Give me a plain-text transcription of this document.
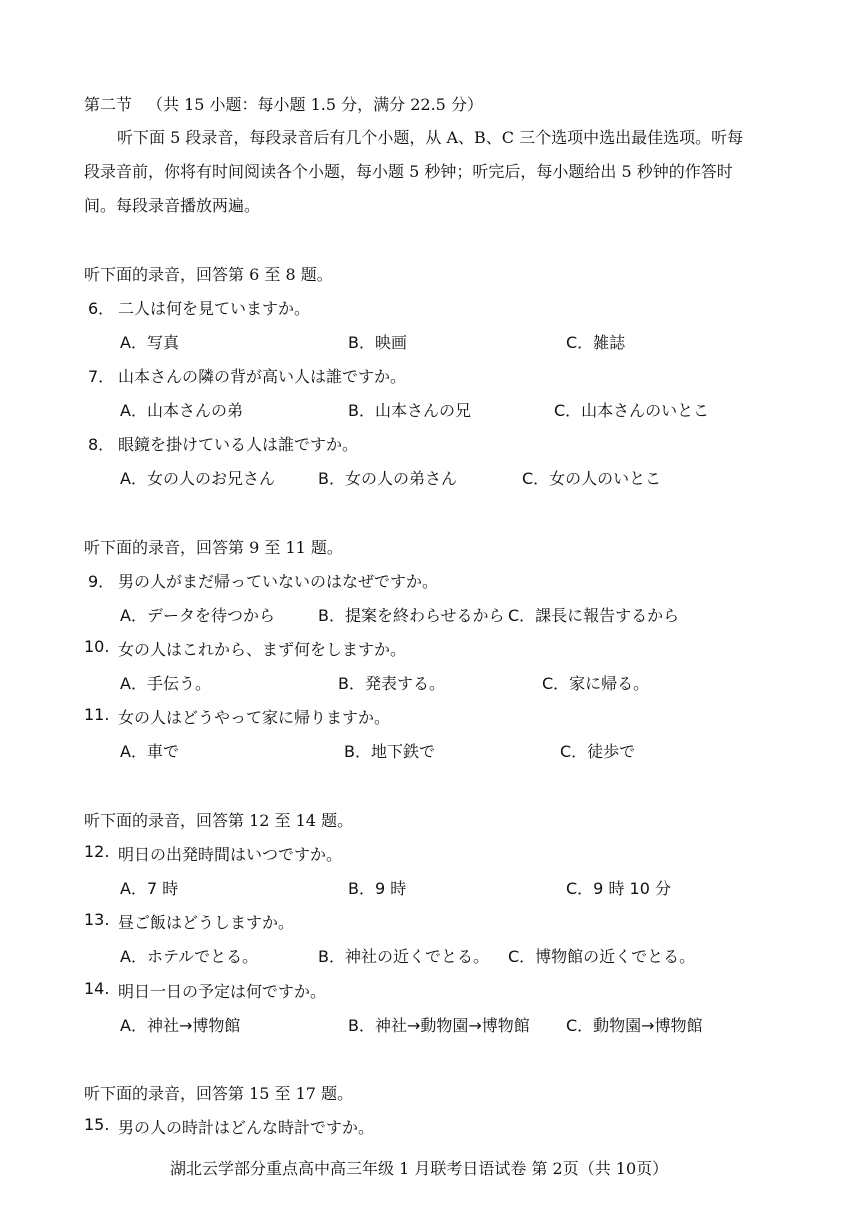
第二节 （共 15 小题：每小题 1.5 分，满分 22.5 分）
听下面 5 段录音，每段录音后有几个小题，从 A、B、C 三个选项中选出最佳选项。听每
段录音前，你将有时间阅读各个小题，每小题 5 秒钟；听完后，每小题给出 5 秒钟的作答时
间。每段录音播放两遍。
听下面的录音，回答第 6 至 8 题。
6． 二人は何を見ていますか。
A．写真	B．映画	C．雑誌
7． 山本さんの隣の背が高い人は誰ですか。
A．山本さんの弟	B．山本さんの兄	C．山本さんのいとこ
8． 眼鏡を掛けている人は誰ですか。
A．女の人のお兄さん	B．女の人の弟さん	C．女の人のいとこ
听下面的录音，回答第 9 至 11 题。
9． 男の人がまだ帰っていないのはなぜですか。
A．データを待つから	B．提案を終わらせるから C．課長に報告するから
10. 女の人はこれから、まず何をしますか。
A．手伝う。	B．発表する。	C．家に帰る。
11. 女の人はどうやって家に帰りますか。
A．車で	B．地下鉄で	C．徒歩で
听下面的录音，回答第 12 至 14 题。
12. 明日の出発時間はいつですか。
A．7 時	B．9 時	C．9 時 10 分
13. 昼ご飯はどうしますか。
A．ホテルでとる。	B．神社の近くでとる。 C．博物館の近くでとる。
14. 明日一日の予定は何ですか。
A．神社→博物館	B．神社→動物園→博物館 C．動物園→博物館
听下面的录音，回答第 15 至 17 题。
15. 男の人の時計はどんな時計ですか。
湖北云学部分重点高中高三年级 1 月联考日语试卷 第 2页（共 10页）
